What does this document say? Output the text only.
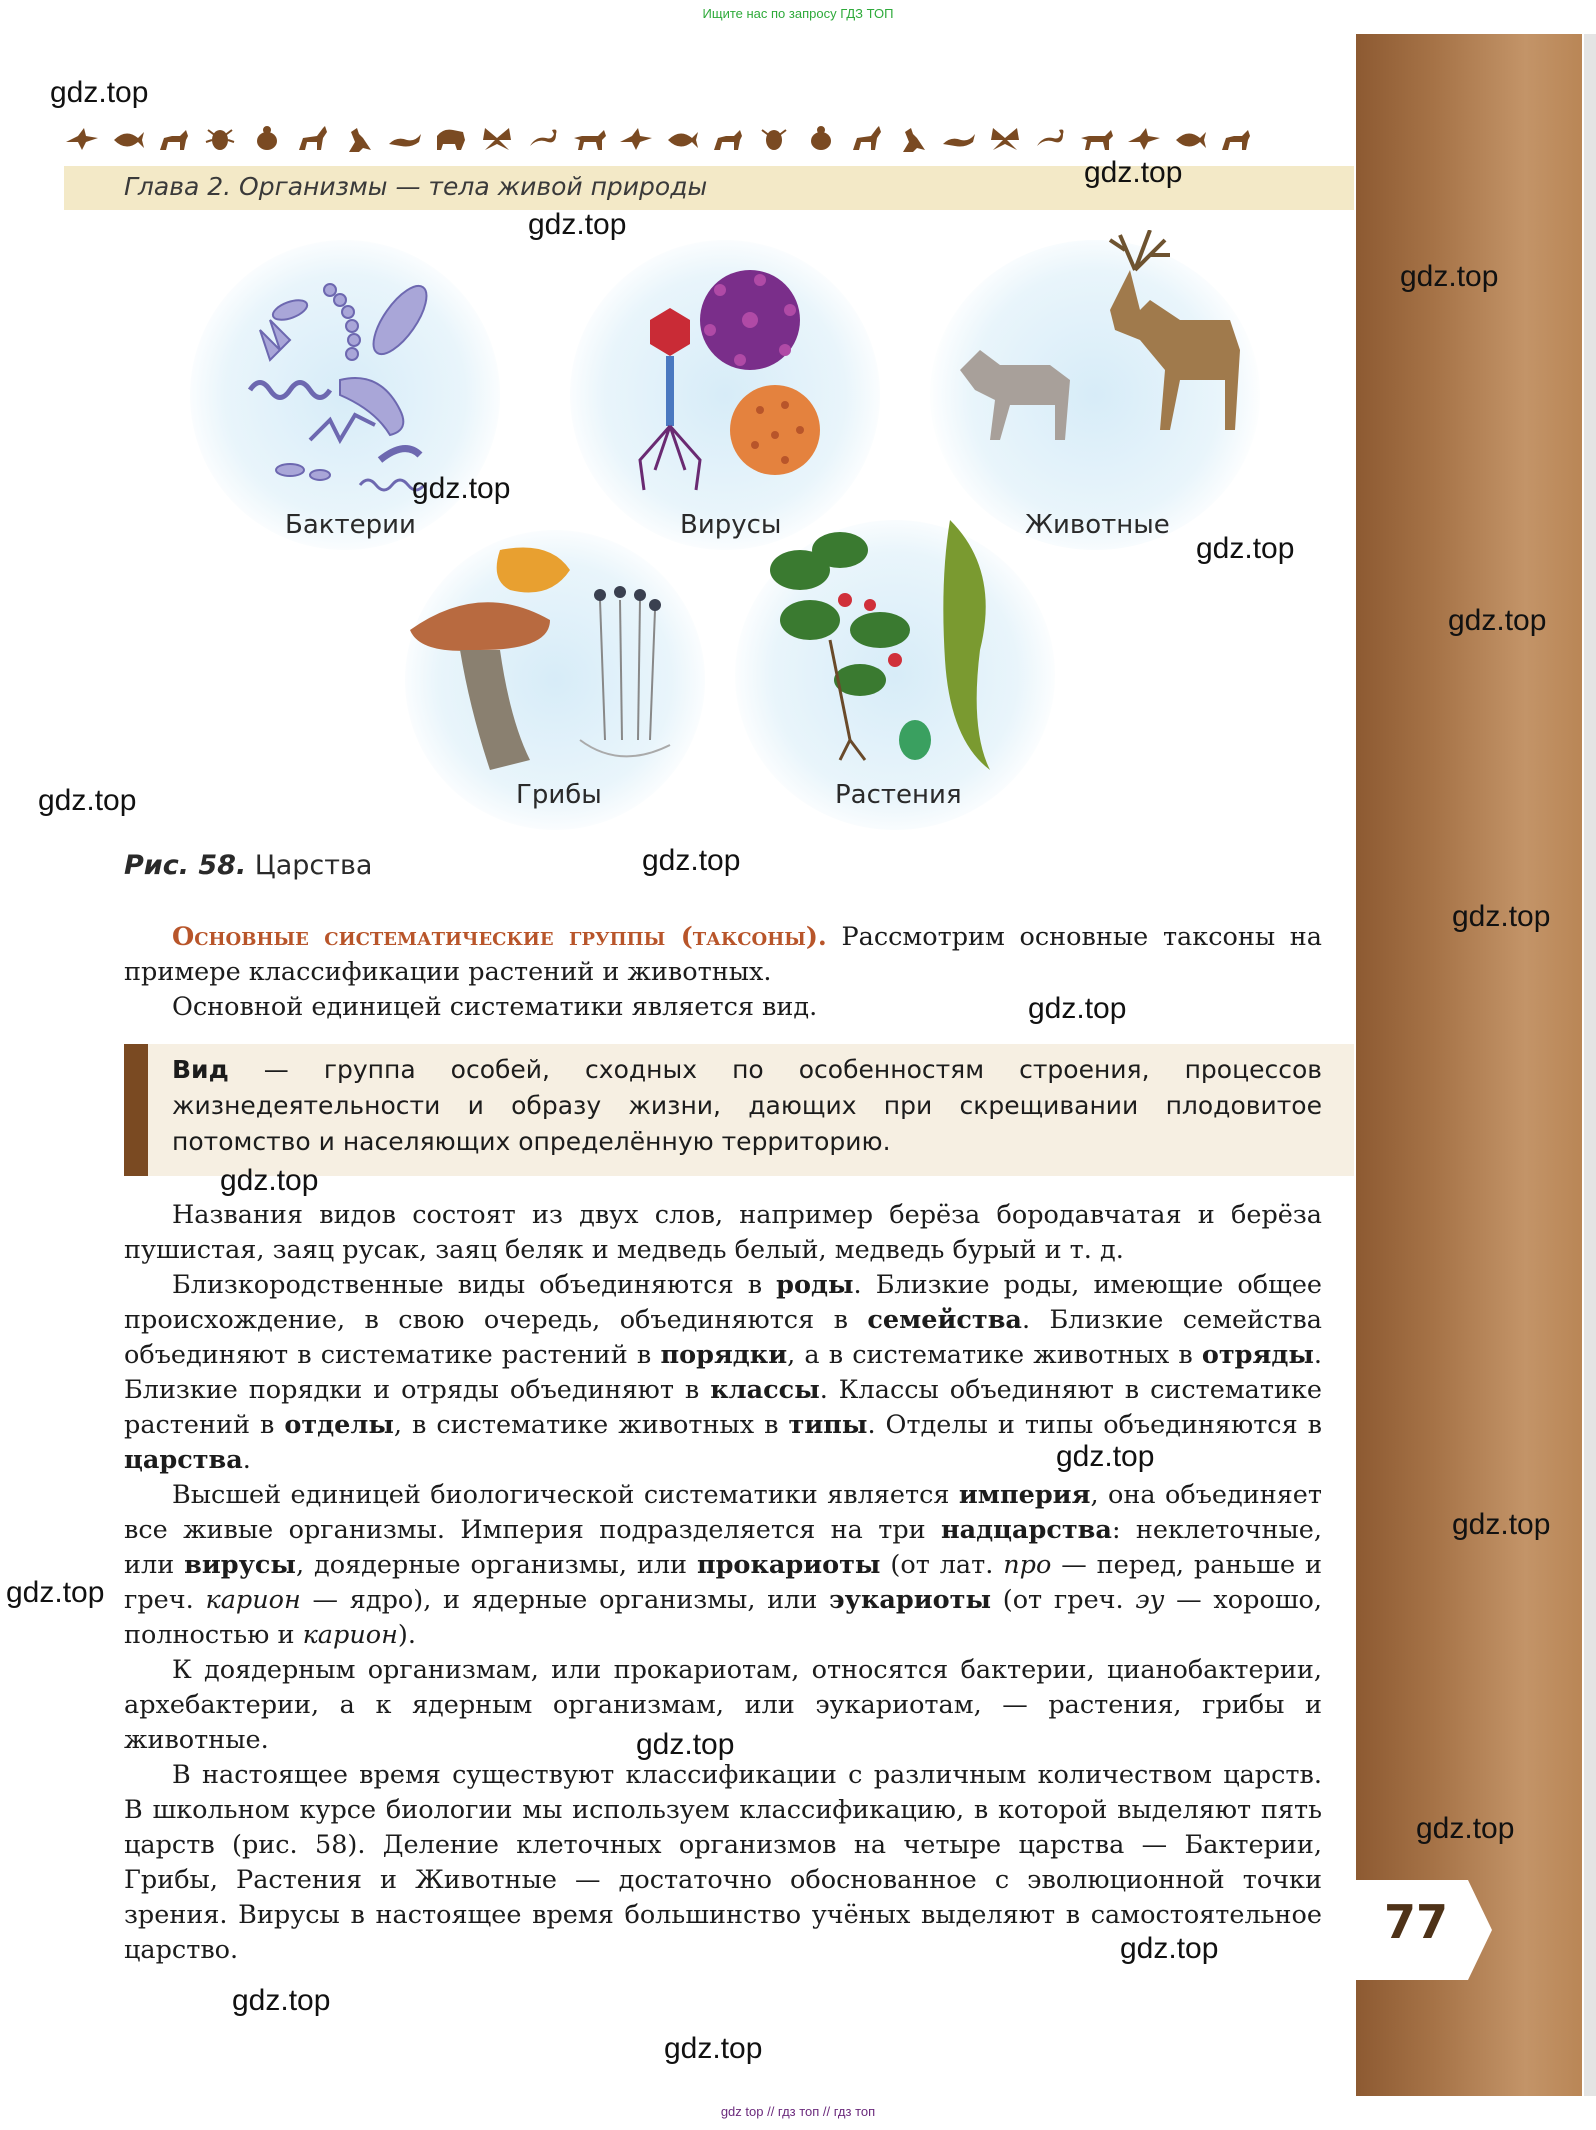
Ищите нас по запросу ГДЗ ТОП
77
Глава 2. Организмы — тела живой природы
Бактерии	Вирусы	Животные
Грибы	Растения
Рис. 58. Царства
Основные систематические группы (таксоны). Рассмотрим основные таксоны на примере классификации растений и животных.
Основной единицей систематики является вид.
Вид — группа особей, сходных по особенностям строения, процессов жизнедеятельности и образу жизни, дающих при скрещивании плодовитое потомство и населяющих определённую территорию.
Названия видов состоят из двух слов, например берёза бородавчатая и берёза пушистая, заяц русак, заяц беляк и медведь белый, медведь бурый и т. д.
Близкородственные виды объединяются в роды. Близкие роды, имеющие общее происхождение, в свою очередь, объединяются в семейства. Близкие семейства объединяют в систематике растений в порядки, а в систематике животных в отряды. Близкие порядки и отряды объединяют в классы. Классы объединяют в систематике растений в отделы, в систематике животных в типы. Отделы и типы объединяются в царства.
Высшей единицей биологической систематики является империя, она объединяет все живые организмы. Империя подразделяется на три надцарства: неклеточные, или вирусы, доядерные организмы, или прокариоты (от лат. про — перед, раньше и греч. карион — ядро), и ядерные организмы, или эукариоты (от греч. эу — хорошо, полностью и карион).
К доядерным организмам, или прокариотам, относятся бактерии, цианобактерии, архебактерии, а к ядерным организмам, или эукариотам, — растения, грибы и животные.
В настоящее время существуют классификации с различным количеством царств. В школьном курсе биологии мы используем классификацию, в которой выделяют пять царств (рис. 58). Деление клеточных организмов на четыре царства — Бактерии, Грибы, Растения и Животные — достаточно обоснованное с эволюционной точки зрения. Вирусы в настоящее время большинство учёных выделяют в самостоятельное царство.
gdz.top
gdz.top
gdz.top
gdz.top
gdz.top
gdz.top
gdz.top
gdz.top
gdz.top
gdz.top
gdz.top
gdz.top
gdz.top
gdz.top
gdz.top
gdz.top
gdz.top
gdz.top
gdz.top
gdz.top
gdz top // гдз топ // гдз топ
